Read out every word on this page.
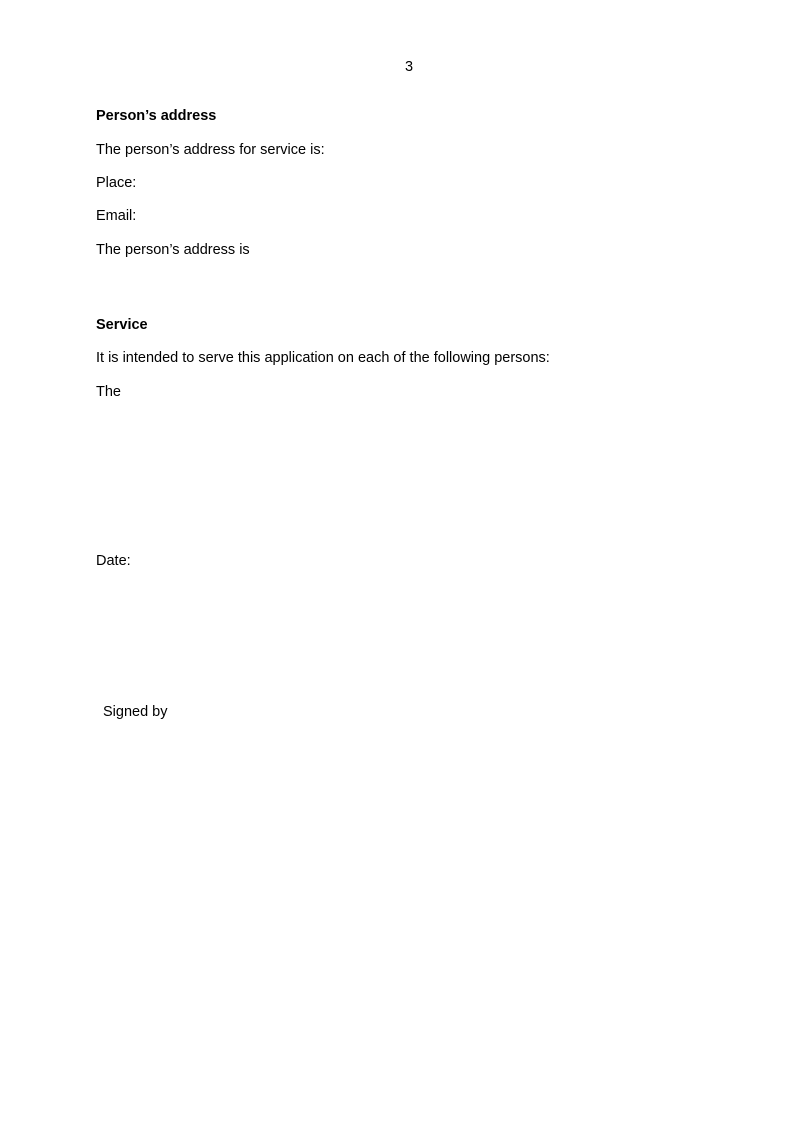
3
Person’s address
The person’s address for service is:
Place:
Email:
The person’s address is
Service
It is intended to serve this application on each of the following persons:
The
Date:
Signed by
